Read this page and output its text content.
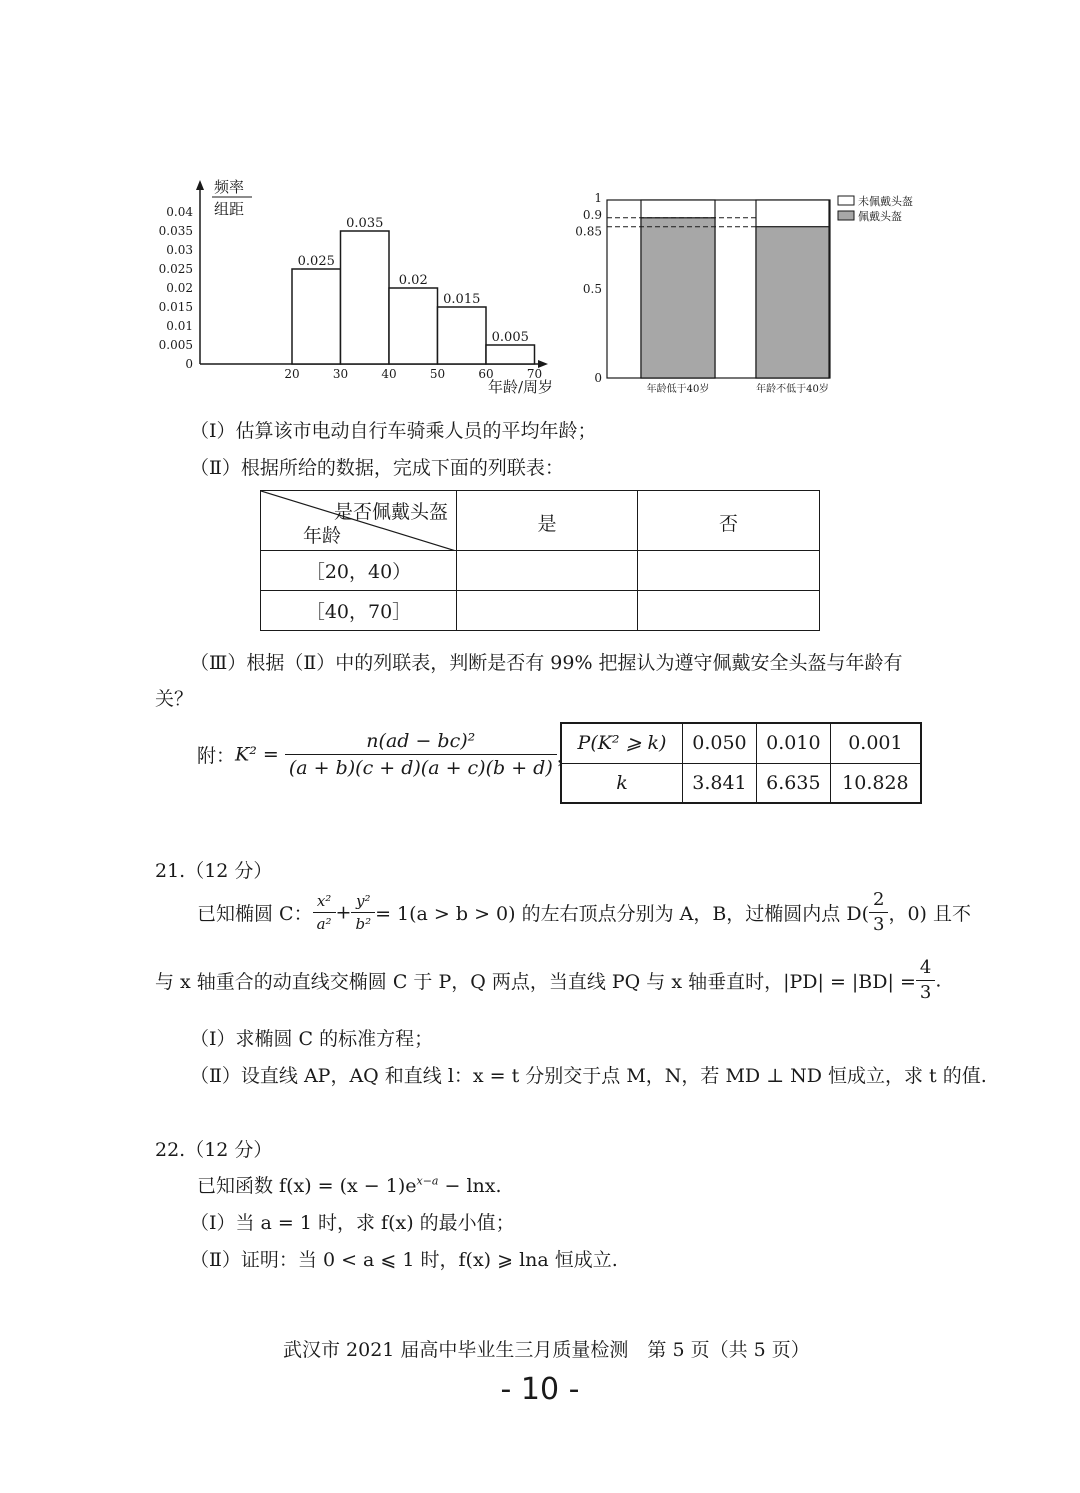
频率
组距
0
0.005
0.01
0.015
0.02
0.025
0.03
0.035
0.04
20	30	40	50	60	70
年龄/周岁
0.025
0.035
0.02
0.015
0.005
年龄低于40岁	年龄不低于40岁
0
0.5
0.85
0.9
1	未佩戴头盔
佩戴头盔
（Ⅰ）估算该市电动自行车骑乘人员的平均年龄；
（Ⅱ）根据所给的数据，完成下面的列联表：
是否佩戴头盔
年龄	是	否
［20，40）		
［40，70］		
（Ⅲ）根据（Ⅱ）中的列联表，判断是否有 99% 把握认为遵守佩戴安全头盔与年龄有
关？
附：$K^2 = \frac{\text{n(ad − bc)²}}{(a + b)(c + d)(a + c)(b + d)}$ ，
P(K² ⩾ k)	0.050	0.010	0.001
k	3.841	6.635	10.828
21.（12 分）
已知椭圆 C： $\frac{\text{x²}}{\text{a²}} + \frac{\text{y²}}{\text{b²}} = 1(a > b > 0)$ 的左右顶点分别为 A，B，过椭圆内点 $D( \frac{2}{3}$ ，0) 且不
与 x 轴重合的动直线交椭圆 C 于 P，Q 两点，当直线 PQ 与 x 轴垂直时，$|PD| = |BD| = \frac{4}{3}$ .
（Ⅰ）求椭圆 C 的标准方程；
（Ⅱ）设直线 AP，AQ 和直线 l：x = t 分别交于点 M，N，若 MD ⊥ ND 恒成立，求 t 的值.
22.（12 分）
已知函数 $f(x) = (x - 1)e^{x-a} - \ln x$.
（Ⅰ）当 a = 1 时，求 f(x) 的最小值；
（Ⅱ）证明：当 0 < a ⩽ 1 时，f(x) ⩾ lna 恒成立.
武汉市 2021 届高中毕业生三月质量检测　第 5 页（共 5 页）
- 10 -
